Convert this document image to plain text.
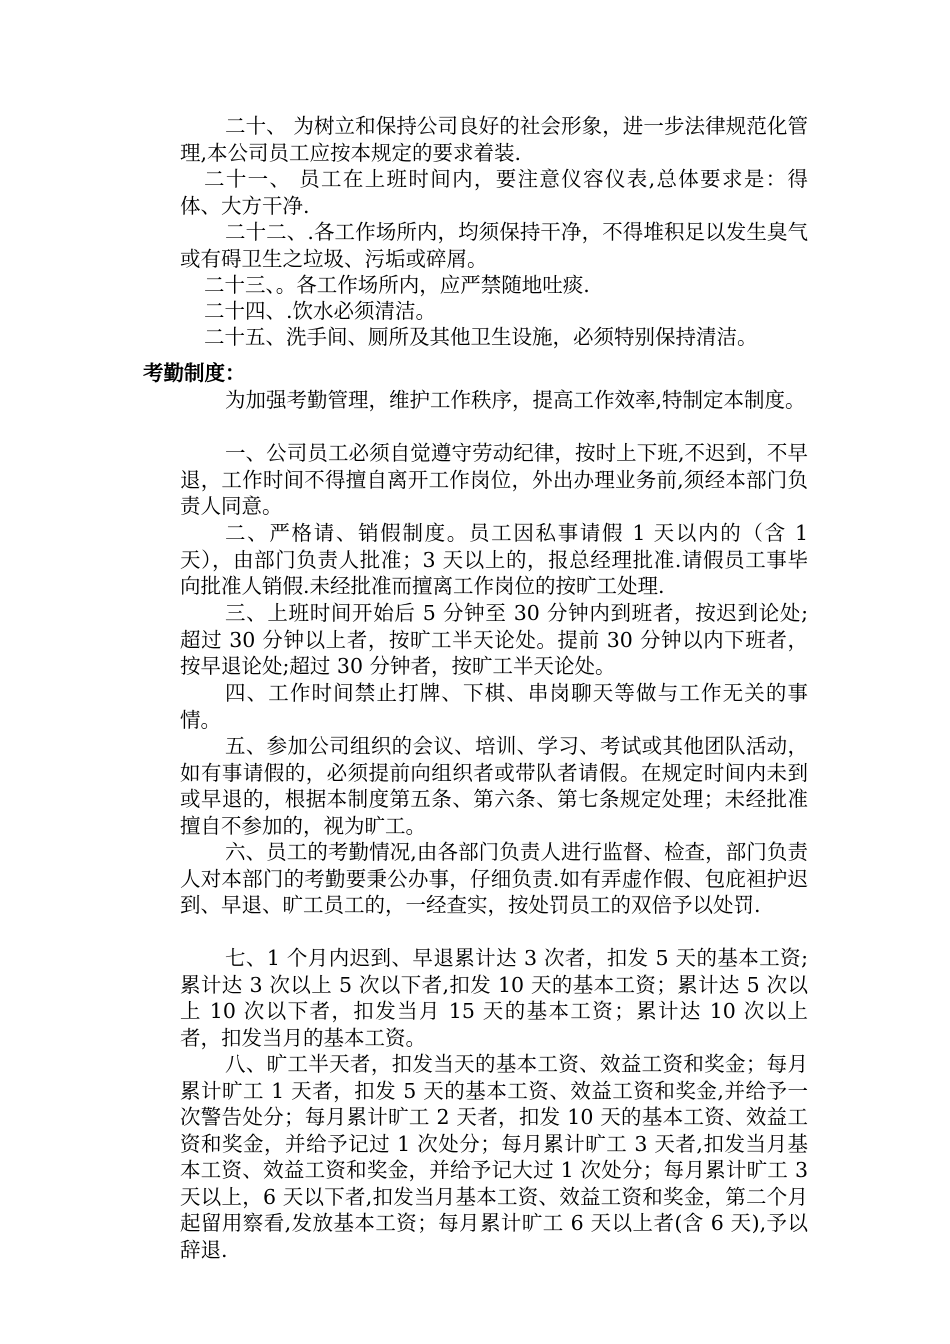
二十、 为树立和保持公司良好的社会形象，进一步法律规范化管理,本公司员工应按本规定的要求着装.

二十一、 员工在上班时间内，要注意仪容仪表,总体要求是：得体、大方干净.

二十二、.各工作场所内，均须保持干净，不得堆积足以发生臭气或有碍卫生之垃圾、污垢或碎屑。

二十三、。各工作场所内，应严禁随地吐痰.

二十四、.饮水必须清洁。

二十五、洗手间、厕所及其他卫生设施，必须特别保持清洁。

考勤制度：

为加强考勤管理，维护工作秩序，提高工作效率,特制定本制度。

一、公司员工必须自觉遵守劳动纪律，按时上下班,不迟到，不早退，工作时间不得擅自离开工作岗位，外出办理业务前,须经本部门负责人同意。

二、严格请、销假制度。员工因私事请假 1 天以内的（含 1 天），由部门负责人批准；3 天以上的，报总经理批准.请假员工事毕向批准人销假.未经批准而擅离工作岗位的按旷工处理.

三、上班时间开始后 5 分钟至 30 分钟内到班者，按迟到论处;超过 30 分钟以上者，按旷工半天论处。提前 30 分钟以内下班者，按早退论处;超过 30 分钟者，按旷工半天论处。

四、工作时间禁止打牌、下棋、串岗聊天等做与工作无关的事情。

五、参加公司组织的会议、培训、学习、考试或其他团队活动，如有事请假的，必须提前向组织者或带队者请假。在规定时间内未到或早退的，根据本制度第五条、第六条、第七条规定处理；未经批准擅自不参加的，视为旷工。

六、员工的考勤情况,由各部门负责人进行监督、检查，部门负责人对本部门的考勤要秉公办事，仔细负责.如有弄虚作假、包庇袒护迟到、早退、旷工员工的，一经查实，按处罚员工的双倍予以处罚.

七、1 个月内迟到、早退累计达 3 次者，扣发 5 天的基本工资;累计达 3 次以上 5 次以下者,扣发 10 天的基本工资；累计达 5 次以上 10 次以下者，扣发当月 15 天的基本工资；累计达 10 次以上者，扣发当月的基本工资。

八、旷工半天者，扣发当天的基本工资、效益工资和奖金；每月累计旷工 1 天者，扣发 5 天的基本工资、效益工资和奖金,并给予一次警告处分；每月累计旷工 2 天者，扣发 10 天的基本工资、效益工资和奖金，并给予记过 1 次处分；每月累计旷工 3 天者,扣发当月基本工资、效益工资和奖金，并给予记大过 1 次处分；每月累计旷工 3 天以上，6 天以下者,扣发当月基本工资、效益工资和奖金，第二个月起留用察看,发放基本工资；每月累计旷工 6 天以上者(含 6 天),予以辞退.
